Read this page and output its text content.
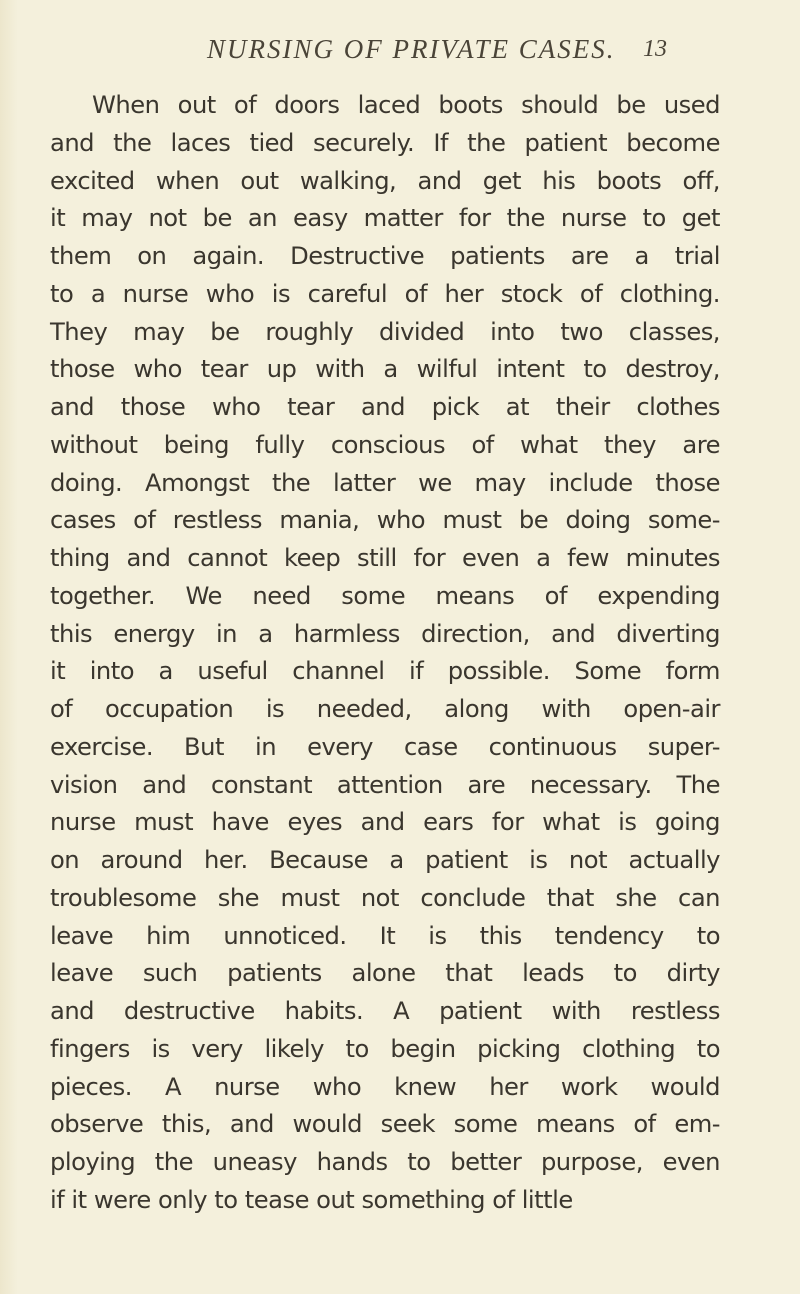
NURSING OF PRIVATE CASES. 13
When out of doors laced boots should be used
and the laces tied securely. If the patient become
excited when out walking, and get his boots off,
it may not be an easy matter for the nurse to get
them on again. Destructive patients are a trial
to a nurse who is careful of her stock of clothing.
They may be roughly divided into two classes,
those who tear up with a wilful intent to destroy,
and those who tear and pick at their clothes
without being fully conscious of what they are
doing. Amongst the latter we may include those
cases of restless mania, who must be doing some-
thing and cannot keep still for even a few minutes
together. We need some means of expending
this energy in a harmless direction, and diverting
it into a useful channel if possible. Some form
of occupation is needed, along with open-air
exercise. But in every case continuous super-
vision and constant attention are necessary. The
nurse must have eyes and ears for what is going
on around her. Because a patient is not actually
troublesome she must not conclude that she can
leave him unnoticed. It is this tendency to
leave such patients alone that leads to dirty
and destructive habits. A patient with restless
fingers is very likely to begin picking clothing to
pieces. A nurse who knew her work would
observe this, and would seek some means of em-
ploying the uneasy hands to better purpose, even
if it were only to tease out something of little
